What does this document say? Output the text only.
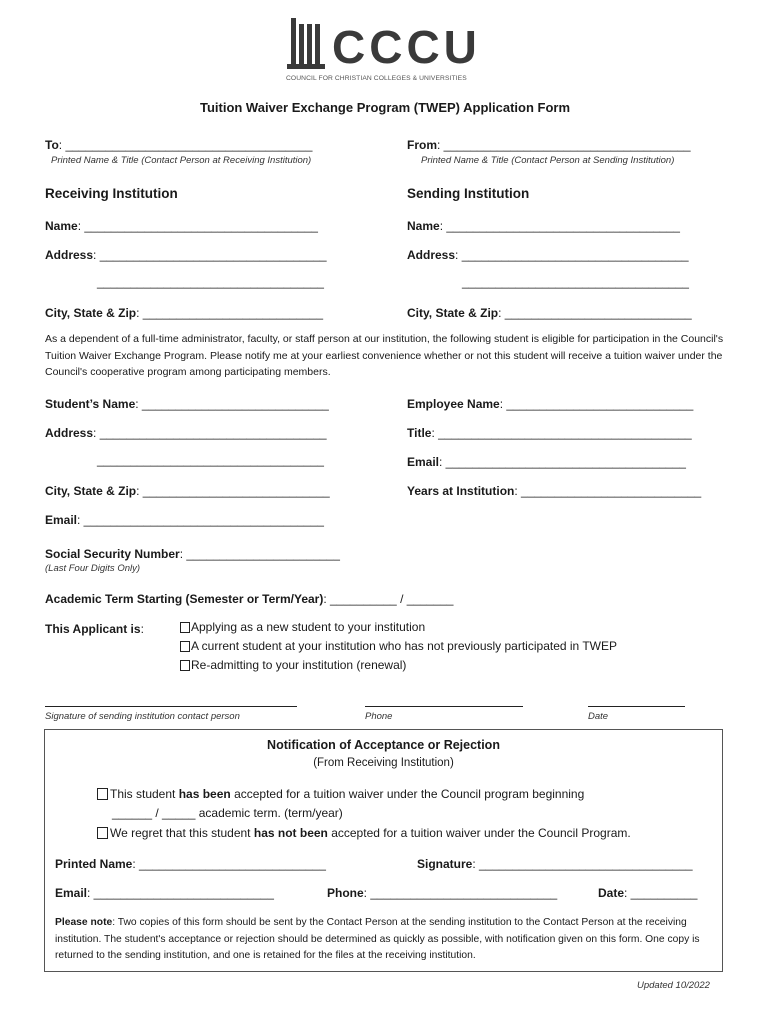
CCCU
COUNCIL FOR CHRISTIAN COLLEGES & UNIVERSITIES
Tuition Waiver Exchange Program (TWEP) Application Form
To: _____________________________________
Printed Name & Title (Contact Person at Receiving Institution)
From: _____________________________________
Printed Name & Title (Contact Person at Sending Institution)
Receiving Institution	Sending Institution
Name: ___________________________________
Address: __________________________________
__________________________________
City, State & Zip: ___________________________
Name: ___________________________________
Address: __________________________________
__________________________________
City, State & Zip: ____________________________
As a dependent of a full-time administrator, faculty, or staff person at our institution, the following student is eligible for participation in the Council's Tuition Waiver Exchange Program. Please notify me at your earliest convenience whether or not this student will receive a tuition waiver under the Council's cooperative program among participating members.
Student’s Name: ____________________________
Address: __________________________________
__________________________________
City, State & Zip: ____________________________
Email: ____________________________________
Employee Name: ____________________________
Title: ______________________________________
Email: ____________________________________
Years at Institution: ___________________________
Social Security Number: _______________________
(Last Four Digits Only)
Academic Term Starting (Semester or Term/Year): __________ / _______
This Applicant is:	Applying as a new student to your institution
A current student at your institution who has not previously participated in TWEP
Re-admitting to your institution (renewal)
Signature of sending institution contact person	Phone	Date
Notification of Acceptance or Rejection
(From Receiving Institution)
This student has been accepted for a tuition waiver under the Council program beginning
______ / _____ academic term. (term/year)
We regret that this student has not been accepted for a tuition waiver under the Council Program.
Printed Name: ____________________________	Signature: ________________________________
Email: ___________________________	Phone: ____________________________	Date: __________
Please note: Two copies of this form should be sent by the Contact Person at the sending institution to the Contact Person at the receiving institution. The student's acceptance or rejection should be determined as quickly as possible, with notification given on this form. One copy is returned to the sending institution, and one is retained for the files at the receiving institution.
Updated 10/2022
